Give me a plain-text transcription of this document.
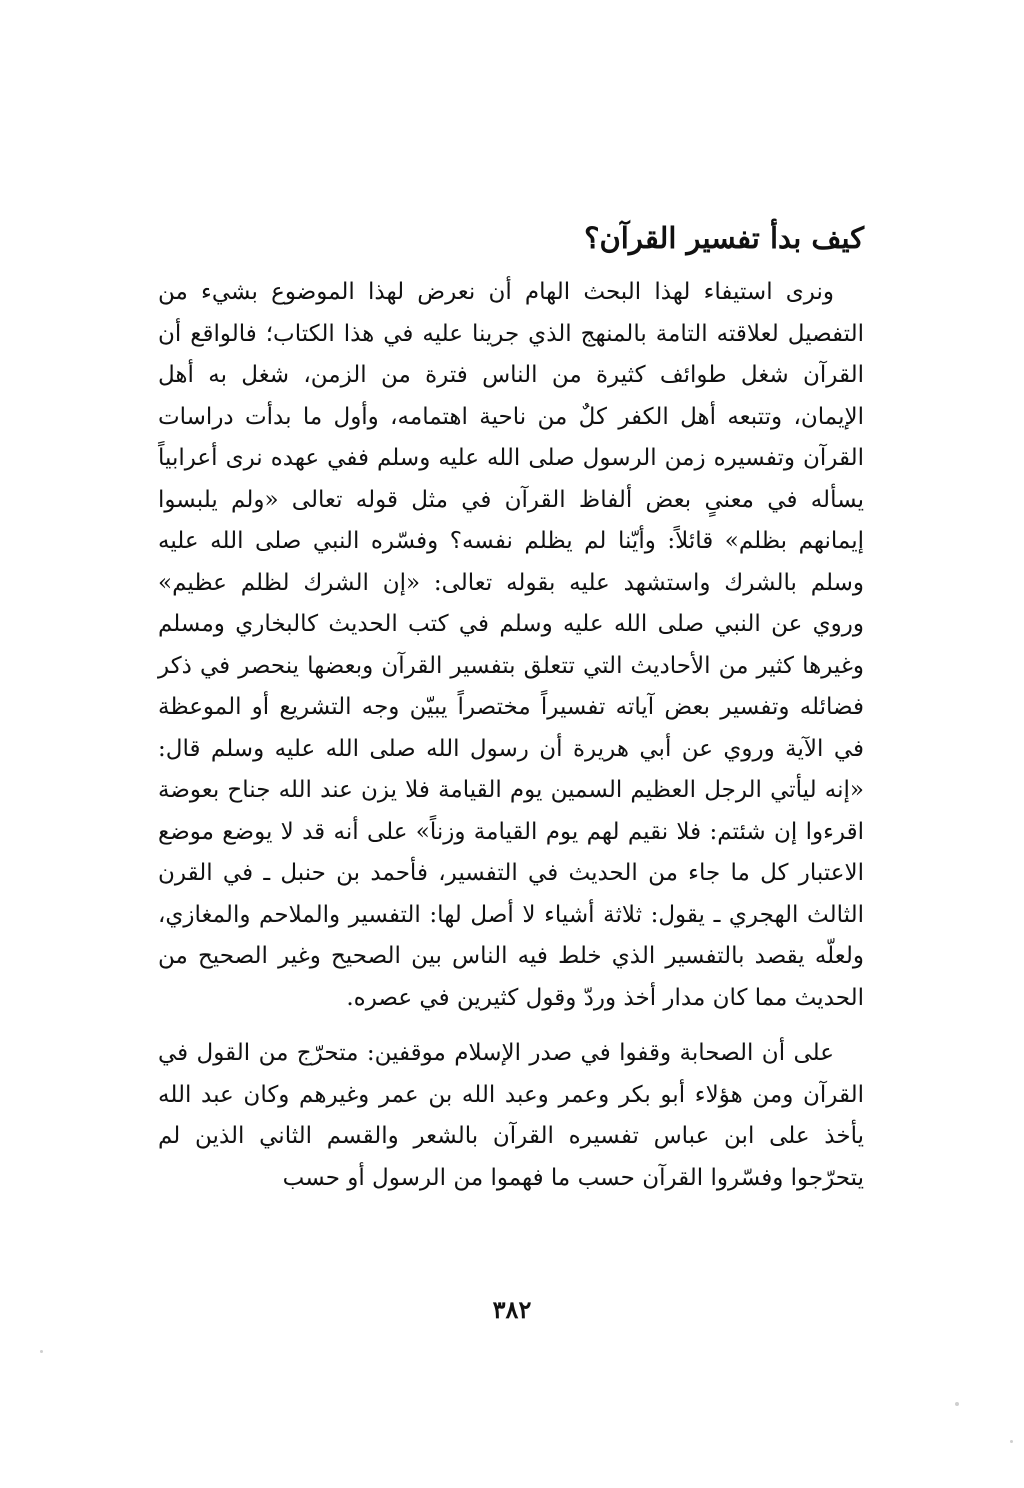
كيف بدأ تفسير القرآن؟

ونرى استيفاء لهذا البحث الهام أن نعرض لهذا الموضوع بشيء من التفصيل لعلاقته التامة بالمنهج الذي جرينا عليه في هذا الكتاب؛ فالواقع أن القرآن شغل طوائف كثيرة من الناس فترة من الزمن، شغل به أهل الإيمان، وتتبعه أهل الكفر كلٌ من ناحية اهتمامه، وأول ما بدأت دراسات القرآن وتفسيره زمن الرسول صلى الله عليه وسلم ففي عهده نرى أعرابياً يسأله في معنىٍ بعض ألفاظ القرآن في مثل قوله تعالى «ولم يلبسوا إيمانهم بظلم» قائلاً: وأيّنا لم يظلم نفسه؟ وفسّره النبي صلى الله عليه وسلم بالشرك واستشهد عليه بقوله تعالى: «إن الشرك لظلم عظيم» وروي عن النبي صلى الله عليه وسلم في كتب الحديث كالبخاري ومسلم وغيرها كثير من الأحاديث التي تتعلق بتفسير القرآن وبعضها ينحصر في ذكر فضائله وتفسير بعض آياته تفسيراً مختصراً يبيّن وجه التشريع أو الموعظة في الآية وروي عن أبي هريرة أن رسول الله صلى الله عليه وسلم قال: «إنه ليأتي الرجل العظيم السمين يوم القيامة فلا يزن عند الله جناح بعوضة اقرءوا إن شئتم: فلا نقيم لهم يوم القيامة وزناً» على أنه قد لا يوضع موضع الاعتبار كل ما جاء من الحديث في التفسير، فأحمد بن حنبل ـ في القرن الثالث الهجري ـ يقول: ثلاثة أشياء لا أصل لها: التفسير والملاحم والمغازي، ولعلّه يقصد بالتفسير الذي خلط فيه الناس بين الصحيح وغير الصحيح من الحديث مما كان مدار أخذ وردّ وقول كثيرين في عصره.

على أن الصحابة وقفوا في صدر الإسلام موقفين: متحرّج من القول في القرآن ومن هؤلاء أبو بكر وعمر وعبد الله بن عمر وغيرهم وكان عبد الله يأخذ على ابن عباس تفسيره القرآن بالشعر والقسم الثاني الذين لم يتحرّجوا وفسّروا القرآن حسب ما فهموا من الرسول أو حسب

٣٨٢
